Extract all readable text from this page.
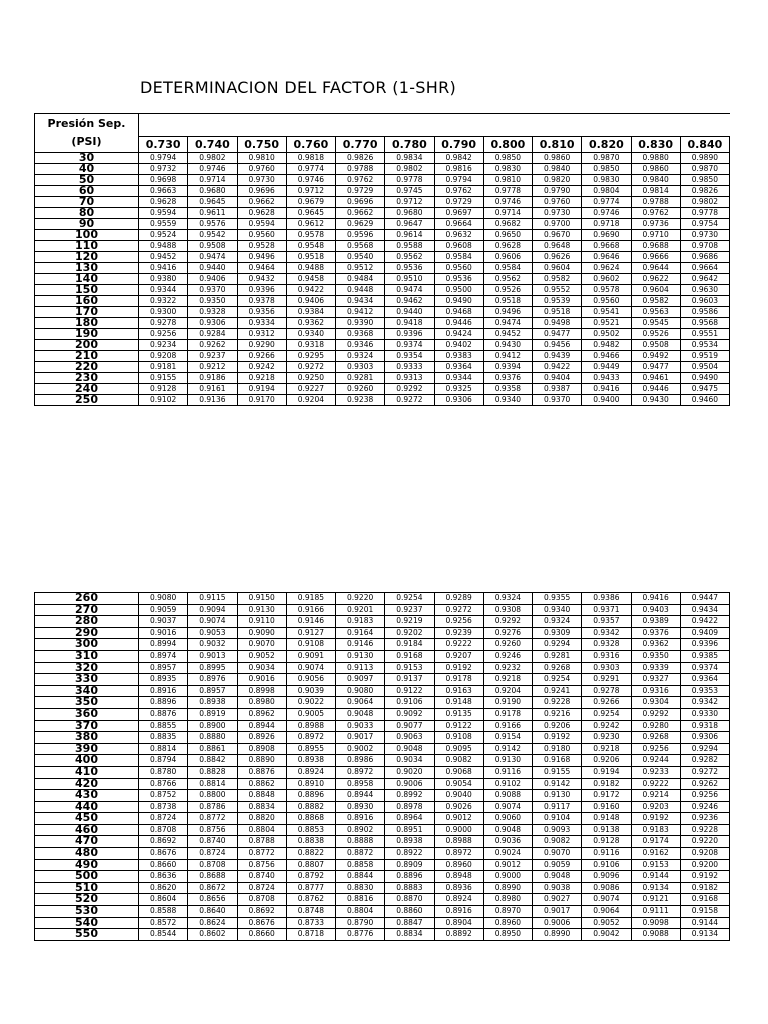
DETERMINACION DEL FACTOR (1-SHR)
Presión Sep.
(PSI)												

	0.730	0.740	0.750	0.760	0.770	0.780	0.790	0.800	0.810	0.820	0.830	0.840
30	0.9794	0.9802	0.9810	0.9818	0.9826	0.9834	0.9842	0.9850	0.9860	0.9870	0.9880	0.9890
40	0.9732	0.9746	0.9760	0.9774	0.9788	0.9802	0.9816	0.9830	0.9840	0.9850	0.9860	0.9870
50	0.9698	0.9714	0.9730	0.9746	0.9762	0.9778	0.9794	0.9810	0.9820	0.9830	0.9840	0.9850
60	0.9663	0.9680	0.9696	0.9712	0.9729	0.9745	0.9762	0.9778	0.9790	0.9804	0.9814	0.9826
70	0.9628	0.9645	0.9662	0.9679	0.9696	0.9712	0.9729	0.9746	0.9760	0.9774	0.9788	0.9802
80	0.9594	0.9611	0.9628	0.9645	0.9662	0.9680	0.9697	0.9714	0.9730	0.9746	0.9762	0.9778
90	0.9559	0.9576	0.9594	0.9612	0.9629	0.9647	0.9664	0.9682	0.9700	0.9718	0.9736	0.9754
100	0.9524	0.9542	0.9560	0.9578	0.9596	0.9614	0.9632	0.9650	0.9670	0.9690	0.9710	0.9730
110	0.9488	0.9508	0.9528	0.9548	0.9568	0.9588	0.9608	0.9628	0.9648	0.9668	0.9688	0.9708
120	0.9452	0.9474	0.9496	0.9518	0.9540	0.9562	0.9584	0.9606	0.9626	0.9646	0.9666	0.9686
130	0.9416	0.9440	0.9464	0.9488	0.9512	0.9536	0.9560	0.9584	0.9604	0.9624	0.9644	0.9664
140	0.9380	0.9406	0.9432	0.9458	0.9484	0.9510	0.9536	0.9562	0.9582	0.9602	0.9622	0.9642
150	0.9344	0.9370	0.9396	0.9422	0.9448	0.9474	0.9500	0.9526	0.9552	0.9578	0.9604	0.9630
160	0.9322	0.9350	0.9378	0.9406	0.9434	0.9462	0.9490	0.9518	0.9539	0.9560	0.9582	0.9603
170	0.9300	0.9328	0.9356	0.9384	0.9412	0.9440	0.9468	0.9496	0.9518	0.9541	0.9563	0.9586
180	0.9278	0.9306	0.9334	0.9362	0.9390	0.9418	0.9446	0.9474	0.9498	0.9521	0.9545	0.9568
190	0.9256	0.9284	0.9312	0.9340	0.9368	0.9396	0.9424	0.9452	0.9477	0.9502	0.9526	0.9551
200	0.9234	0.9262	0.9290	0.9318	0.9346	0.9374	0.9402	0.9430	0.9456	0.9482	0.9508	0.9534
210	0.9208	0.9237	0.9266	0.9295	0.9324	0.9354	0.9383	0.9412	0.9439	0.9466	0.9492	0.9519
220	0.9181	0.9212	0.9242	0.9272	0.9303	0.9333	0.9364	0.9394	0.9422	0.9449	0.9477	0.9504
230	0.9155	0.9186	0.9218	0.9250	0.9281	0.9313	0.9344	0.9376	0.9404	0.9433	0.9461	0.9490
240	0.9128	0.9161	0.9194	0.9227	0.9260	0.9292	0.9325	0.9358	0.9387	0.9416	0.9446	0.9475
250	0.9102	0.9136	0.9170	0.9204	0.9238	0.9272	0.9306	0.9340	0.9370	0.9400	0.9430	0.9460
260	0.9080	0.9115	0.9150	0.9185	0.9220	0.9254	0.9289	0.9324	0.9355	0.9386	0.9416	0.9447
270	0.9059	0.9094	0.9130	0.9166	0.9201	0.9237	0.9272	0.9308	0.9340	0.9371	0.9403	0.9434
280	0.9037	0.9074	0.9110	0.9146	0.9183	0.9219	0.9256	0.9292	0.9324	0.9357	0.9389	0.9422
290	0.9016	0.9053	0.9090	0.9127	0.9164	0.9202	0.9239	0.9276	0.9309	0.9342	0.9376	0.9409
300	0.8994	0.9032	0.9070	0.9108	0.9146	0.9184	0.9222	0.9260	0.9294	0.9328	0.9362	0.9396
310	0.8974	0.9013	0.9052	0.9091	0.9130	0.9168	0.9207	0.9246	0.9281	0.9316	0.9350	0.9385
320	0.8957	0.8995	0.9034	0.9074	0.9113	0.9153	0.9192	0.9232	0.9268	0.9303	0.9339	0.9374
330	0.8935	0.8976	0.9016	0.9056	0.9097	0.9137	0.9178	0.9218	0.9254	0.9291	0.9327	0.9364
340	0.8916	0.8957	0.8998	0.9039	0.9080	0.9122	0.9163	0.9204	0.9241	0.9278	0.9316	0.9353
350	0.8896	0.8938	0.8980	0.9022	0.9064	0.9106	0.9148	0.9190	0.9228	0.9266	0.9304	0.9342
360	0.8876	0.8919	0.8962	0.9005	0.9048	0.9092	0.9135	0.9178	0.9216	0.9254	0.9292	0.9330
370	0.8855	0.8900	0.8944	0.8988	0.9033	0.9077	0.9122	0.9166	0.9206	0.9242	0.9280	0.9318
380	0.8835	0.8880	0.8926	0.8972	0.9017	0.9063	0.9108	0.9154	0.9192	0.9230	0.9268	0.9306
390	0.8814	0.8861	0.8908	0.8955	0.9002	0.9048	0.9095	0.9142	0.9180	0.9218	0.9256	0.9294
400	0.8794	0.8842	0.8890	0.8938	0.8986	0.9034	0.9082	0.9130	0.9168	0.9206	0.9244	0.9282
410	0.8780	0.8828	0.8876	0.8924	0.8972	0.9020	0.9068	0.9116	0.9155	0.9194	0.9233	0.9272
420	0.8766	0.8814	0.8862	0.8910	0.8958	0.9006	0.9054	0.9102	0.9142	0.9182	0.9222	0.9262
430	0.8752	0.8800	0.8848	0.8896	0.8944	0.8992	0.9040	0.9088	0.9130	0.9172	0.9214	0.9256
440	0.8738	0.8786	0.8834	0.8882	0.8930	0.8978	0.9026	0.9074	0.9117	0.9160	0.9203	0.9246
450	0.8724	0.8772	0.8820	0.8868	0.8916	0.8964	0.9012	0.9060	0.9104	0.9148	0.9192	0.9236
460	0.8708	0.8756	0.8804	0.8853	0.8902	0.8951	0.9000	0.9048	0.9093	0.9138	0.9183	0.9228
470	0.8692	0.8740	0.8788	0.8838	0.8888	0.8938	0.8988	0.9036	0.9082	0.9128	0.9174	0.9220
480	0.8676	0.8724	0.8772	0.8822	0.8872	0.8922	0.8972	0.9024	0.9070	0.9116	0.9162	0.9208
490	0.8660	0.8708	0.8756	0.8807	0.8858	0.8909	0.8960	0.9012	0.9059	0.9106	0.9153	0.9200
500	0.8636	0.8688	0.8740	0.8792	0.8844	0.8896	0.8948	0.9000	0.9048	0.9096	0.9144	0.9192
510	0.8620	0.8672	0.8724	0.8777	0.8830	0.8883	0.8936	0.8990	0.9038	0.9086	0.9134	0.9182
520	0.8604	0.8656	0.8708	0.8762	0.8816	0.8870	0.8924	0.8980	0.9027	0.9074	0.9121	0.9168
530	0.8588	0.8640	0.8692	0.8748	0.8804	0.8860	0.8916	0.8970	0.9017	0.9064	0.9111	0.9158
540	0.8572	0.8624	0.8676	0.8733	0.8790	0.8847	0.8904	0.8960	0.9006	0.9052	0.9098	0.9144
550	0.8544	0.8602	0.8660	0.8718	0.8776	0.8834	0.8892	0.8950	0.8990	0.9042	0.9088	0.9134
